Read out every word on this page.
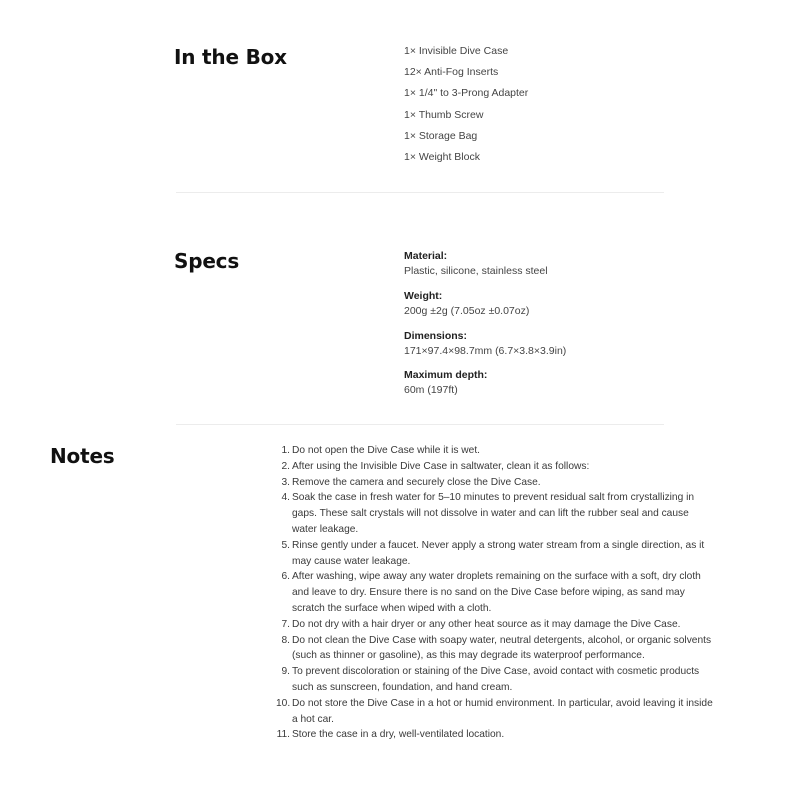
In the Box	1× Invisible Dive Case
12× Anti-Fog Inserts
1× 1/4" to 3-Prong Adapter
1× Thumb Screw
1× Storage Bag
1× Weight Block
Specs	Material:
Plastic, silicone, stainless steel
Weight:
200g ±2g (7.05oz ±0.07oz)
Dimensions:
171×97.4×98.7mm (6.7×3.8×3.9in)
Maximum depth:
60m (197ft)
Notes	1. Do not open the Dive Case while it is wet.
2. After using the Invisible Dive Case in saltwater, clean it as follows:
3. Remove the camera and securely close the Dive Case.
4. Soak the case in fresh water for 5–10 minutes to prevent residual salt from crystallizing in gaps. These salt crystals will not dissolve in water and can lift the rubber seal and cause water leakage.
5. Rinse gently under a faucet. Never apply a strong water stream from a single direction, as it may cause water leakage.
6. After washing, wipe away any water droplets remaining on the surface with a soft, dry cloth and leave to dry. Ensure there is no sand on the Dive Case before wiping, as sand may scratch the surface when wiped with a cloth.
7. Do not dry with a hair dryer or any other heat source as it may damage the Dive Case.
8. Do not clean the Dive Case with soapy water, neutral detergents, alcohol, or organic solvents (such as thinner or gasoline), as this may degrade its waterproof performance.
9. To prevent discoloration or staining of the Dive Case, avoid contact with cosmetic products such as sunscreen, foundation, and hand cream.
10. Do not store the Dive Case in a hot or humid environment. In particular, avoid leaving it inside a hot car.
11. Store the case in a dry, well-ventilated location.
